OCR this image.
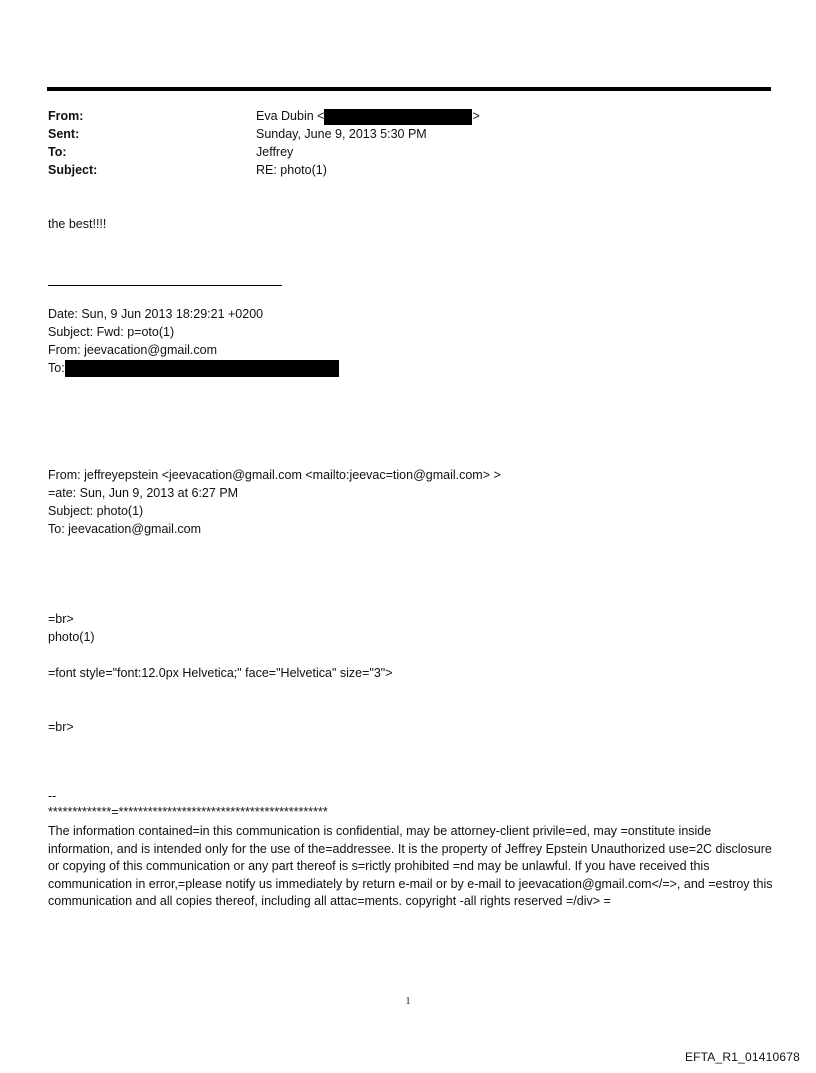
From:	Eva Dubin <	>
Sent:	Sunday, June 9, 2013 5:30 PM
To:	Jeffrey
Subject:	RE: photo(1)
the best!!!!
Date: Sun, 9 Jun 2013 18:29:21 +0200
Subject: Fwd: p=oto(1)
From: jeevacation@gmail.com
To:
From: jeffreyepstein <jeevacation@gmail.com <mailto:jeevac=tion@gmail.com> >
=ate: Sun, Jun 9, 2013 at 6:27 PM
Subject: photo(1)
To: jeevacation@gmail.com
=br>
photo(1)
=font style="font:12.0px Helvetica;" face="Helvetica" size="3">
=br>
--
*************=*******************************************
The information contained=in this communication is confidential, may be attorney-client privile=ed, may =onstitute inside information, and is intended only for the use of the=addressee. It is the property of Jeffrey Epstein Unauthorized use=2C disclosure or copying of this communication or any part thereof is s=rictly prohibited =nd may be unlawful. If you have received this communication in error,=please notify us immediately by return e-mail or by e-mail to jeevacation@gmail.com</=>, and =estroy this communication and all copies thereof, including all attac=ments. copyright -all rights reserved =/div> =
1
EFTA_R1_01410678
